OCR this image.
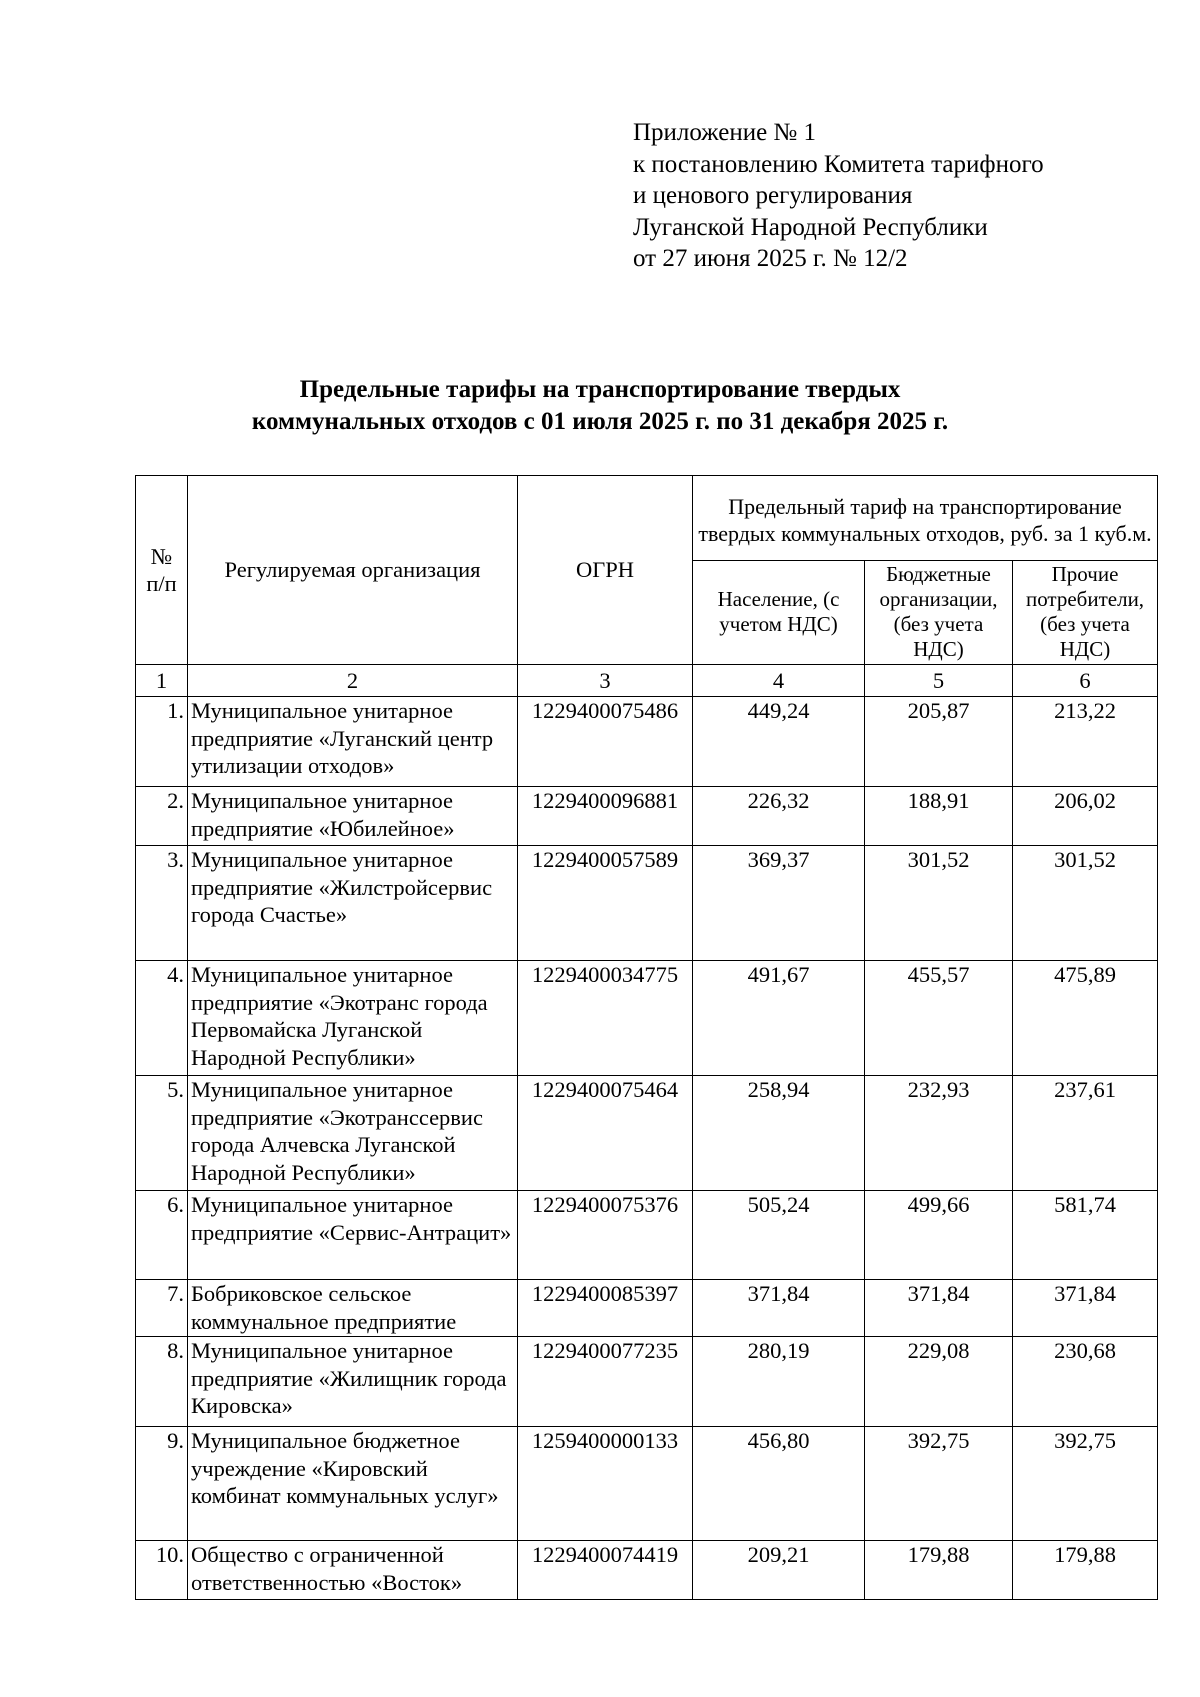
Приложение № 1
к постановлению Комитета тарифного
и ценового регулирования
Луганской Народной Республики
от 27 июня 2025 г. № 12/2
Предельные тарифы на транспортирование твердых
коммунальных отходов с 01 июля 2025 г. по 31 декабря 2025 г.
№ п/п	Регулируемая организация	ОГРН	Предельный тариф на транспортирование твердых коммунальных отходов, руб. за 1 куб.м.		
			Население, (с учетом НДС)	Бюджетные организации, (без учета НДС)	Прочие потребители, (без учета НДС)
1	2	3	4	5	6
1.	Муниципальное унитарное предприятие «Луганский центр утилизации отходов»	1229400075486	449,24	205,87	213,22
2.	Муниципальное унитарное предприятие «Юбилейное»	1229400096881	226,32	188,91	206,02
3.	Муниципальное унитарное предприятие «Жилстройсервис города Счастье»	1229400057589	369,37	301,52	301,52
4.	Муниципальное унитарное предприятие «Экотранс города Первомайска Луганской Народной Республики»	1229400034775	491,67	455,57	475,89
5.	Муниципальное унитарное предприятие «Экотранссервис города Алчевска Луганской Народной Республики»	1229400075464	258,94	232,93	237,61
6.	Муниципальное унитарное предприятие «Сервис-Антрацит»	1229400075376	505,24	499,66	581,74
7.	Бобриковское сельское коммунальное предприятие	1229400085397	371,84	371,84	371,84
8.	Муниципальное унитарное предприятие «Жилищник города Кировска»	1229400077235	280,19	229,08	230,68
9.	Муниципальное бюджетное учреждение «Кировский комбинат коммунальных услуг»	1259400000133	456,80	392,75	392,75
10.	Общество с ограниченной ответственностью «Восток»	1229400074419	209,21	179,88	179,88
